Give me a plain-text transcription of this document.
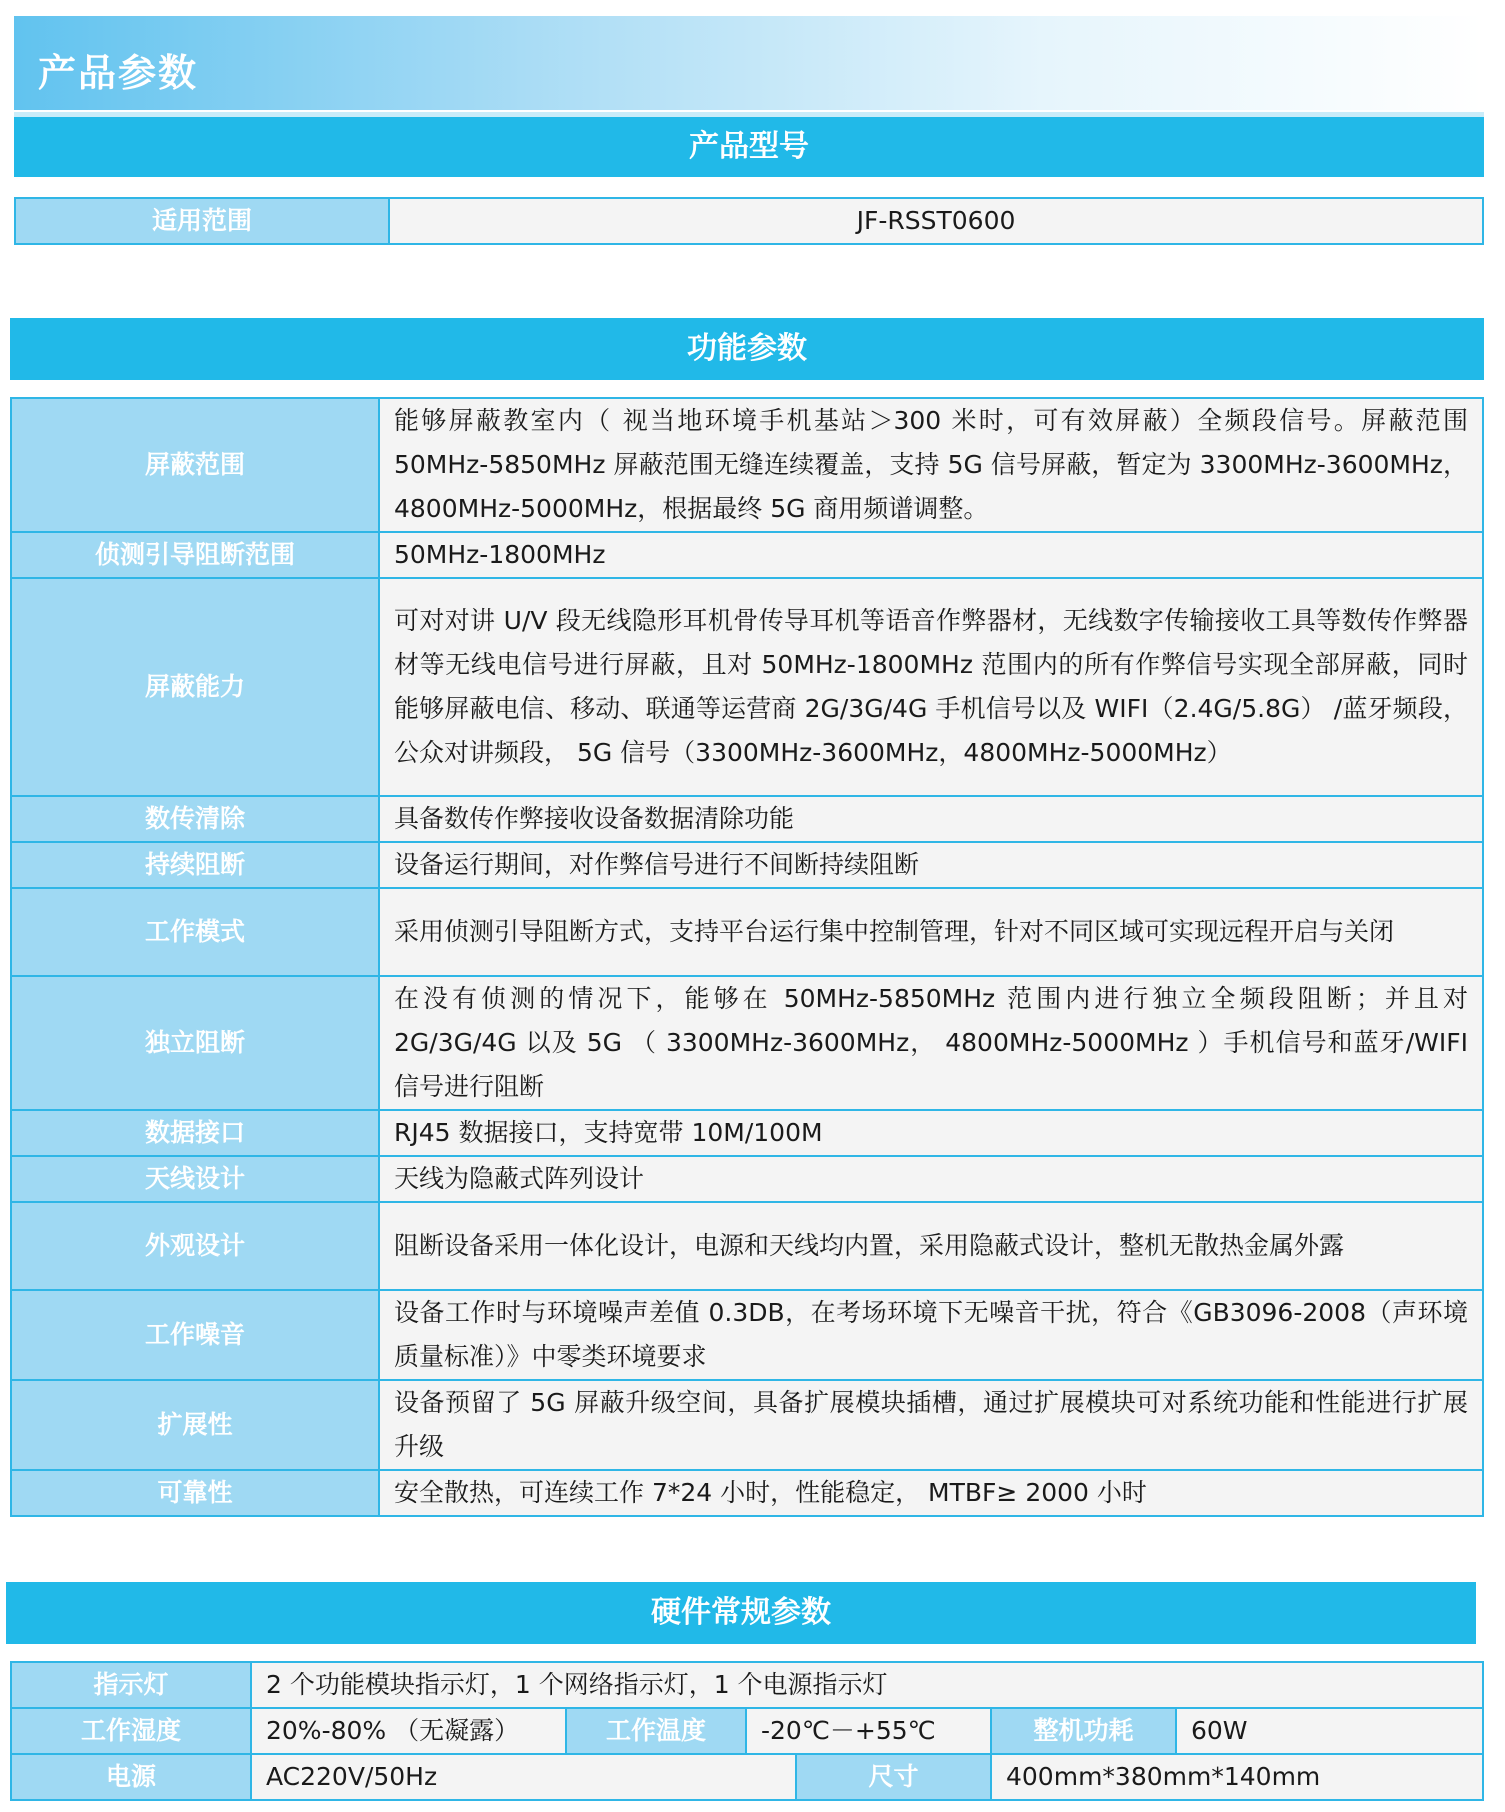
产品参数
产品型号
适用范围	JF-RSST0600
功能参数
屏蔽范围	能够屏蔽教室内（ 视当地环境手机基站＞300 米时，可有效屏蔽）全频段信号。屏蔽范围 50MHz-5850MHz 屏蔽范围无缝连续覆盖，支持 5G 信号屏蔽，暂定为 3300MHz-3600MHz，4800MHz-5000MHz，根据最终 5G 商用频谱调整。
侦测引导阻断范围	50MHz-1800MHz
屏蔽能力	可对对讲 U/V 段无线隐形耳机骨传导耳机等语音作弊器材，无线数字传输接收工具等数传作弊器材等无线电信号进行屏蔽，且对 50MHz-1800MHz 范围内的所有作弊信号实现全部屏蔽，同时能够屏蔽电信、移动、联通等运营商 2G/3G/4G 手机信号以及 WIFI（2.4G/5.8G） /蓝牙频段， 公众对讲频段， 5G 信号（3300MHz-3600MHz，4800MHz-5000MHz）
数传清除	具备数传作弊接收设备数据清除功能
持续阻断	设备运行期间，对作弊信号进行不间断持续阻断
工作模式	采用侦测引导阻断方式，支持平台运行集中控制管理，针对不同区域可实现远程开启与关闭
独立阻断	在没有侦测的情况下，能够在 50MHz-5850MHz 范围内进行独立全频段阻断；并且对 2G/3G/4G 以及 5G （ 3300MHz-3600MHz， 4800MHz-5000MHz ）手机信号和蓝牙/WIFI 信号进行阻断
数据接口	RJ45 数据接口，支持宽带 10M/100M
天线设计	天线为隐蔽式阵列设计
外观设计	阻断设备采用一体化设计，电源和天线均内置，采用隐蔽式设计，整机无散热金属外露
工作噪音	设备工作时与环境噪声差值 0.3DB，在考场环境下无噪音干扰，符合《GB3096-2008（声环境质量标准）》中零类环境要求
扩展性	设备预留了 5G 屏蔽升级空间，具备扩展模块插槽，通过扩展模块可对系统功能和性能进行扩展升级
可靠性	安全散热，可连续工作 7*24 小时，性能稳定， MTBF≥ 2000 小时
硬件常规参数
指示灯	2 个功能模块指示灯，1 个网络指示灯，1 个电源指示灯					
工作湿度	20%-80% （无凝露）	工作温度	-20℃－+55℃		整机功耗	60W
电源	AC220V/50Hz			尺寸	400mm*380mm*140mm	
